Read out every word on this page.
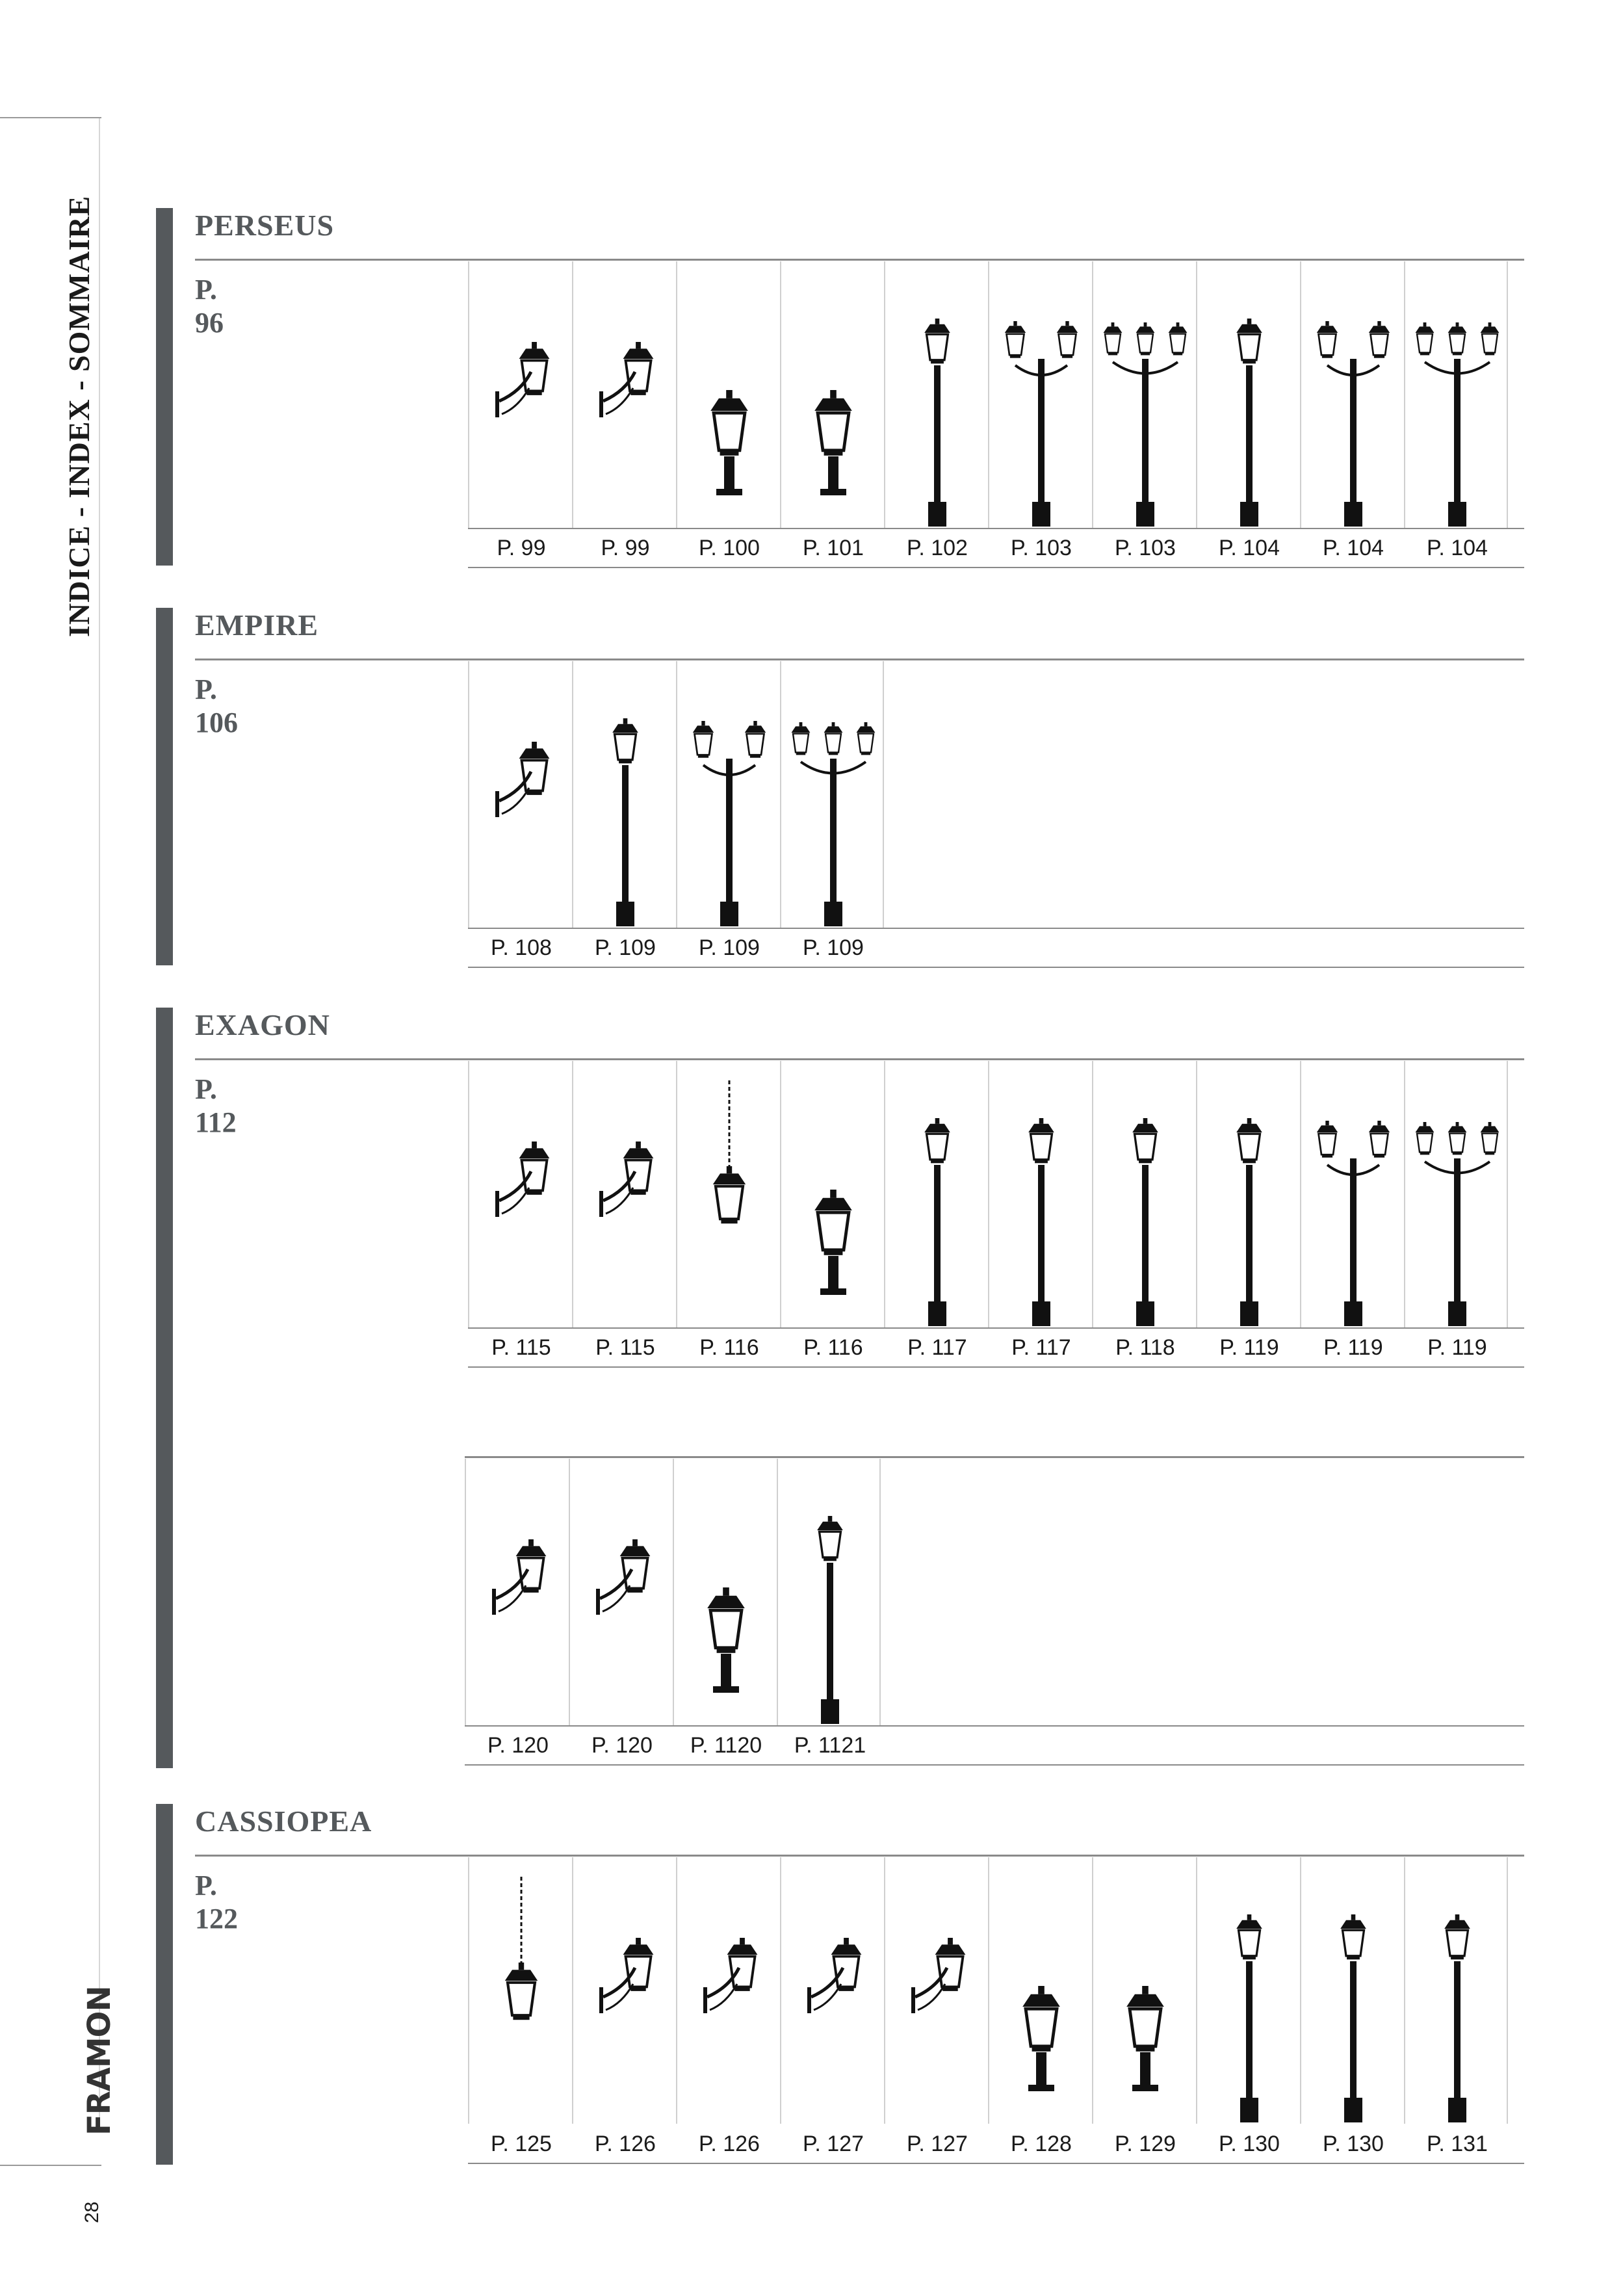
INDICE - INDEX - SOMMAIRE
FRAMON
28
PERSEUS
P. 96
P. 99	P. 99	P. 100	P. 101	P. 102	P. 103	P. 103	P. 104	P. 104	P. 104
EMPIRE
P. 106
P. 108	P. 109	P. 109	P. 109
EXAGON
P. 112
P. 115	P. 115	P. 116	P. 116	P. 117	P. 117	P. 118	P. 119	P. 119	P. 119
P. 120	P. 120	P. 1120	P. 1121
CASSIOPEA
P. 122
P. 125	P. 126	P. 126	P. 127	P. 127	P. 128	P. 129	P. 130	P. 130	P. 131
